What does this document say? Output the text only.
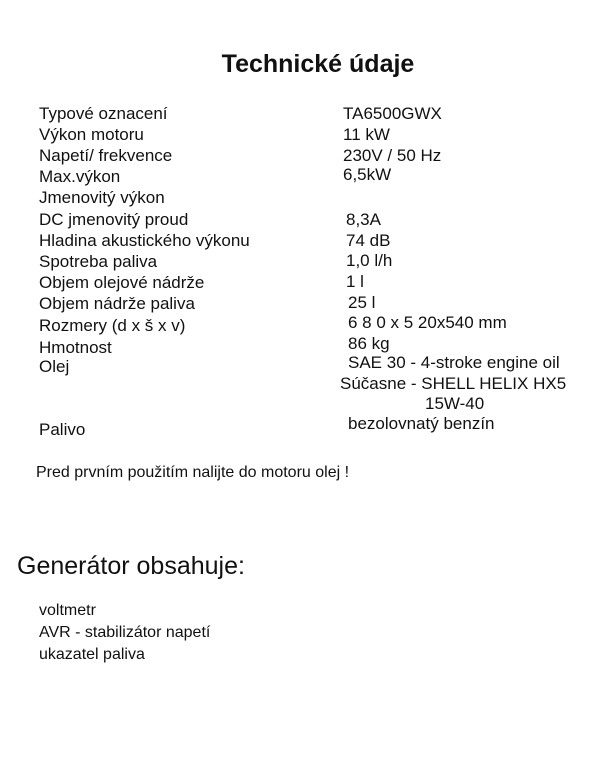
Technické údaje
Typové oznacení	TA6500GWX
Výkon motoru	11 kW
Napetí/ frekvence	230V / 50 Hz
Max.výkon	6,5kW
Jmenovitý výkon
DC jmenovitý proud	8,3A
Hladina akustického výkonu	74 dB
Spotreba paliva	1,0 l/h
Objem olejové nádrže	1 l
Objem nádrže paliva	25 l
Rozmery (d x š x v)	6 8 0 x 5 20x540 mm
Hmotnost	86 kg
Olej	SAE 30 - 4-stroke engine oil
Súčasne - SHELL HELIX HX5
15W-40
Palivo	bezolovnatý benzín
Pred prvním použitím nalijte do motoru olej !
Generátor obsahuje:
voltmetr
AVR - stabilizátor napetí
ukazatel paliva
